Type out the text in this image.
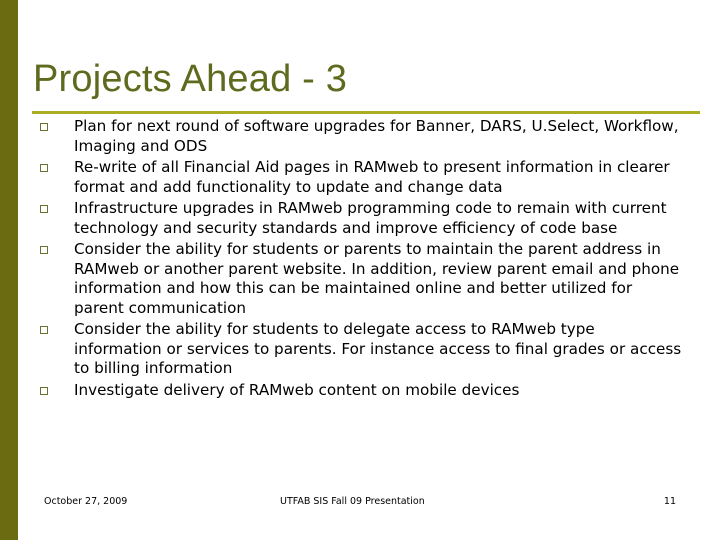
Projects Ahead - 3
Plan for next round of software upgrades for Banner, DARS, U.Select, Workflow, Imaging and ODS
Re-write of all Financial Aid pages in RAMweb to present information in clearer format and add functionality to update and change data
Infrastructure upgrades in RAMweb programming code to remain with current technology and security standards and improve efficiency of code base
Consider the ability for students or parents to maintain the parent address in RAMweb or another parent website. In addition, review parent email and phone information and how this can be maintained online and better utilized for parent communication
Consider the ability for students to delegate access to RAMweb type information or services to parents. For instance access to final grades or access to billing information
Investigate delivery of RAMweb content on mobile devices
October 27, 2009	UTFAB SIS Fall 09 Presentation	11
